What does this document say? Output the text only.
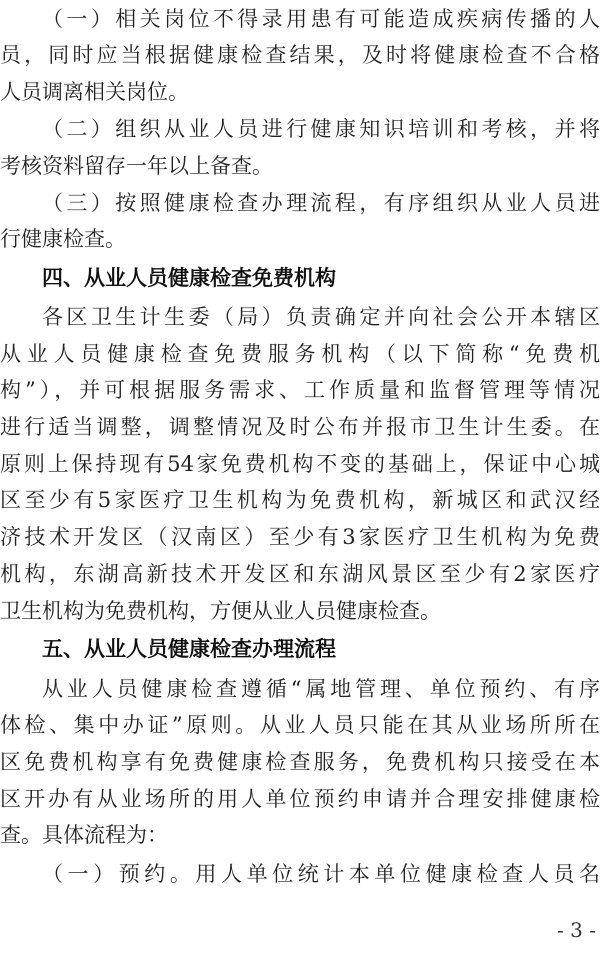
（一）相关岗位不得录用患有可能造成疾病传播的人
员，同时应当根据健康检查结果，及时将健康检查不合格
人员调离相关岗位。
（二）组织从业人员进行健康知识培训和考核，并将
考核资料留存一年以上备查。
（三）按照健康检查办理流程，有序组织从业人员进
行健康检查。
四、从业人员健康检查免费机构
各区卫生计生委（局）负责确定并向社会公开本辖区
从业人员健康检查免费服务机构（以下简称“免费机
构”），并可根据服务需求、工作质量和监督管理等情况
进行适当调整，调整情况及时公布并报市卫生计生委。在
原则上保持现有54家免费机构不变的基础上，保证中心城
区至少有5家医疗卫生机构为免费机构，新城区和武汉经
济技术开发区（汉南区）至少有3家医疗卫生机构为免费
机构，东湖高新技术开发区和东湖风景区至少有2家医疗
卫生机构为免费机构，方便从业人员健康检查。
五、从业人员健康检查办理流程
从业人员健康检查遵循“属地管理、单位预约、有序
体检、集中办证”原则。从业人员只能在其从业场所所在
区免费机构享有免费健康检查服务，免费机构只接受在本
区开办有从业场所的用人单位预约申请并合理安排健康检
查。具体流程为：
（一）预约。用人单位统计本单位健康检查人员名
- 3 -
